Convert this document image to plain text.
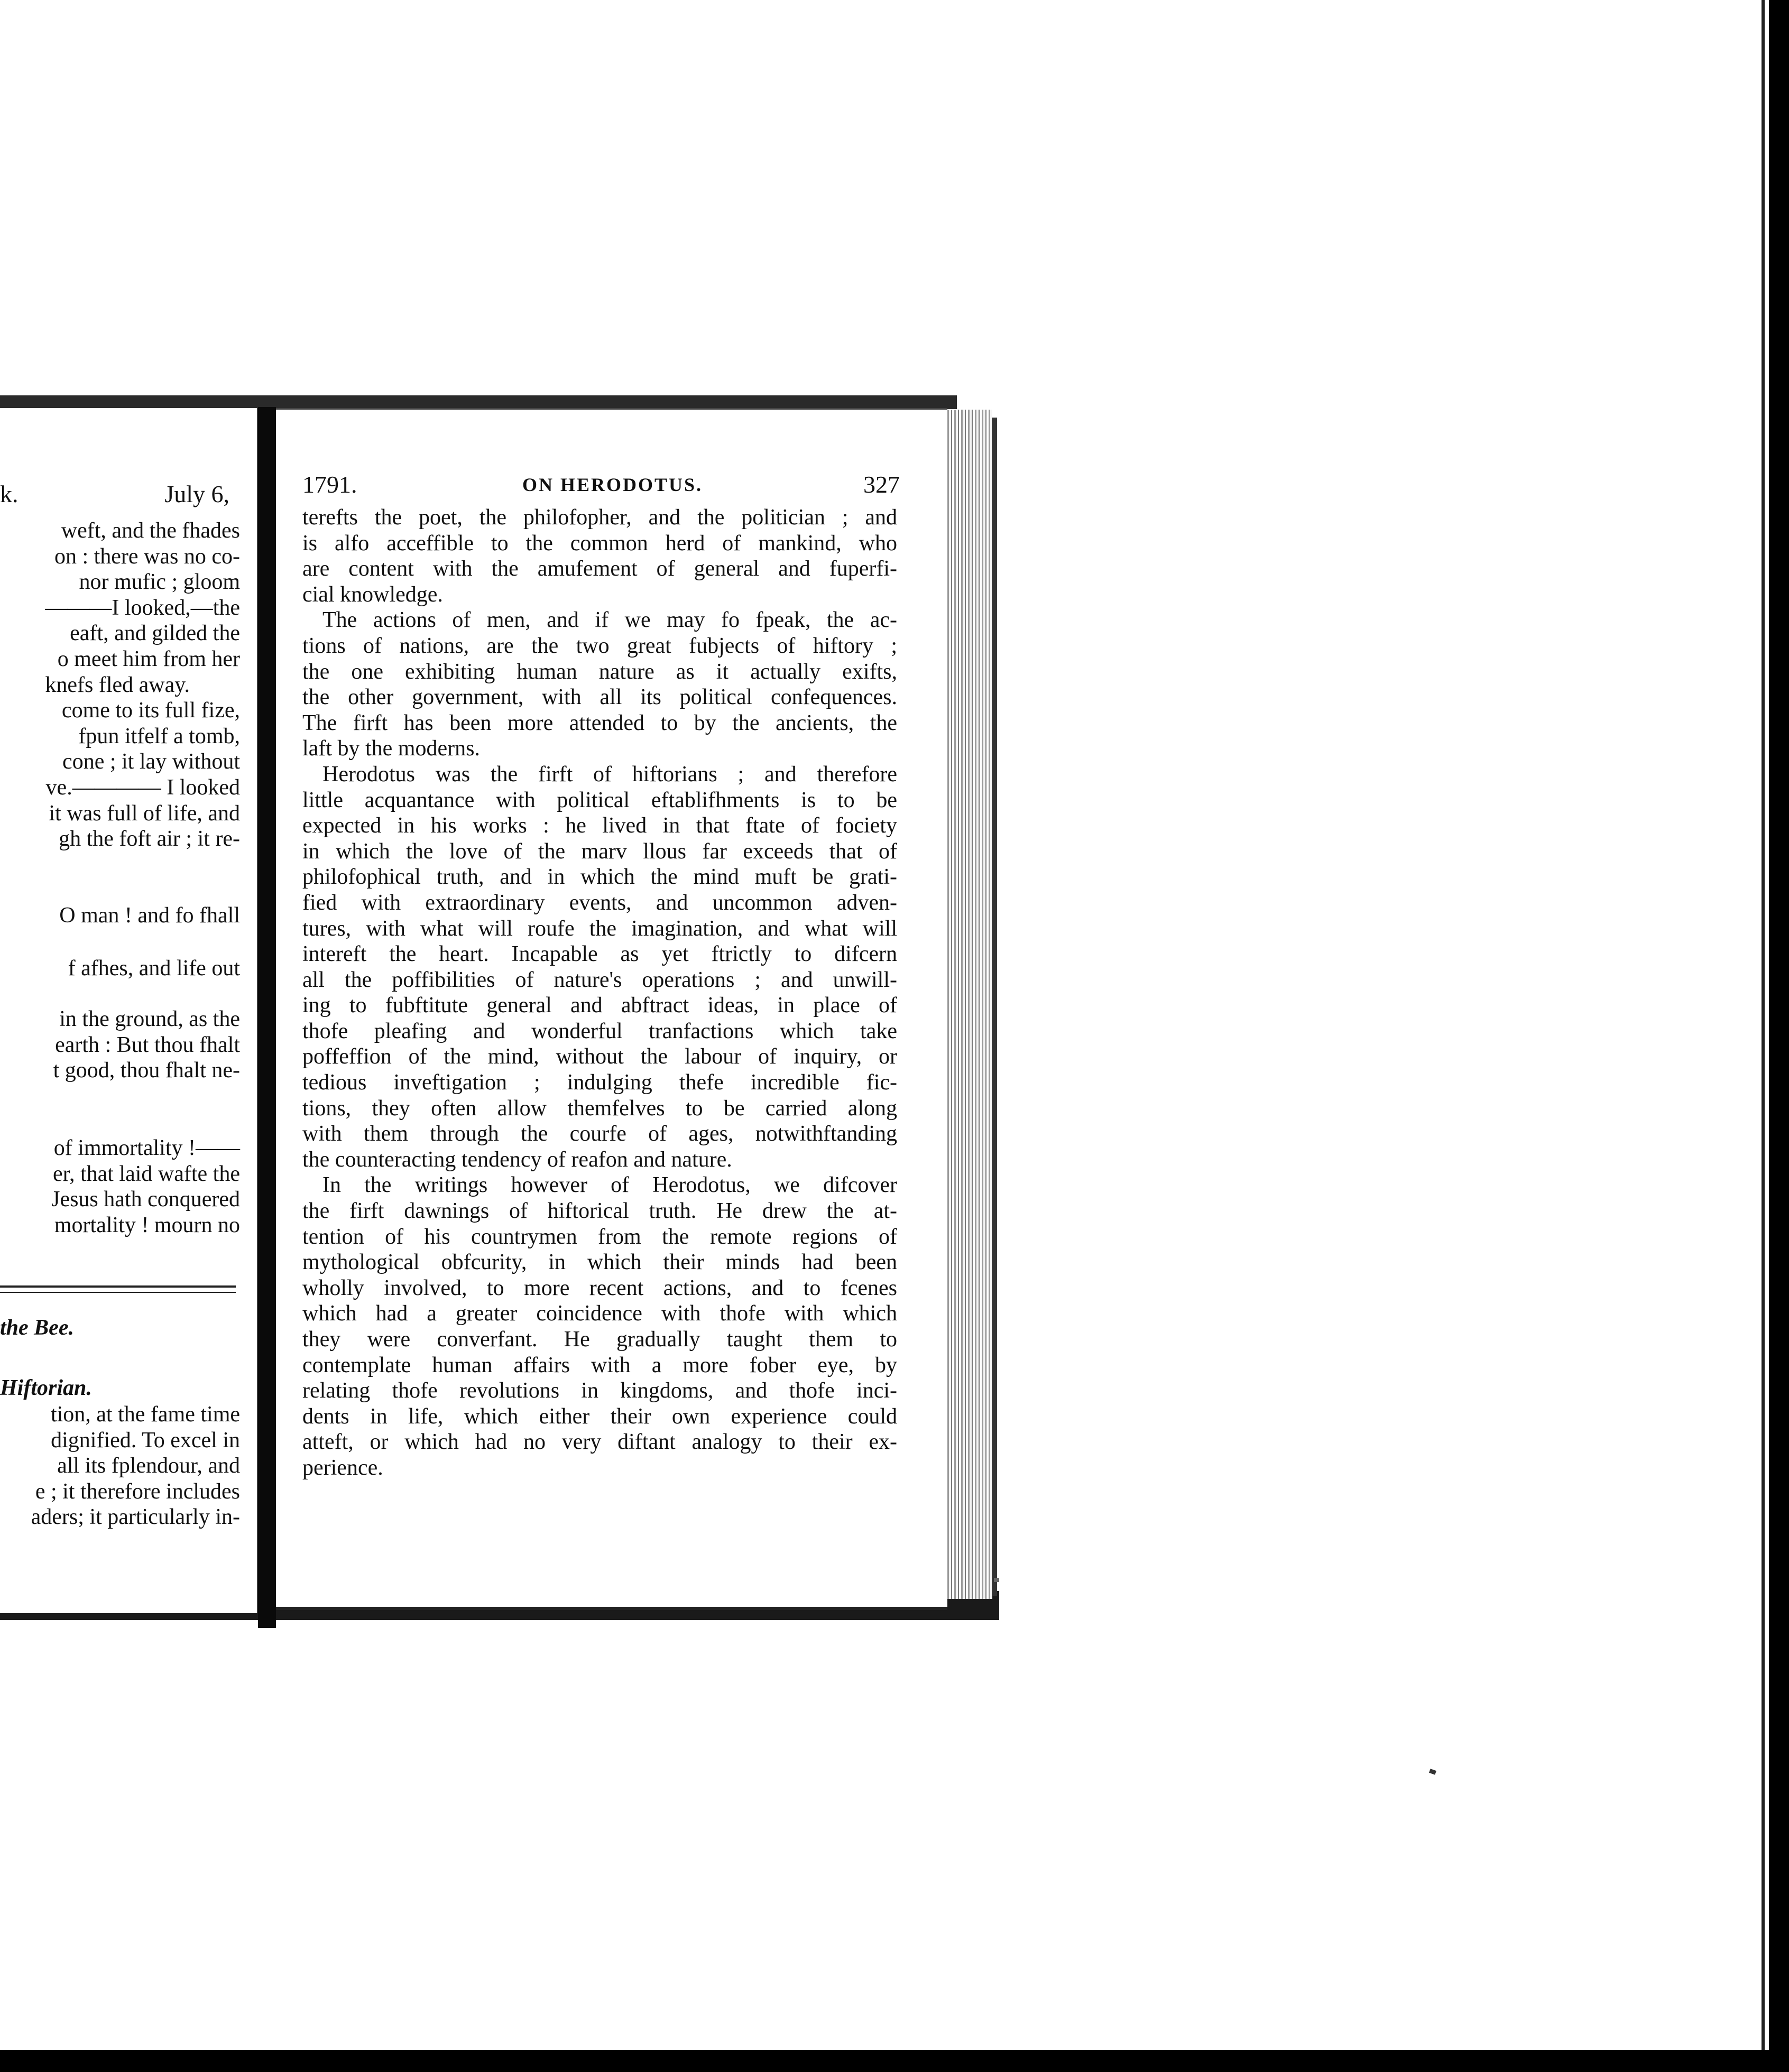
k.	July 6,
weft, and the fhades
on : there was no co-
nor mufic ; gloom
———I looked,—the
eaft, and gilded the
o meet him from her
knefs fled away.
come to its full fize,
fpun itfelf a tomb,
cone ; it lay without
ve.———— I looked
it was full of life, and
gh the foft air ; it re-
O man ! and fo fhall
f afhes, and life out
in the ground, as the
earth : But thou fhalt
t good, thou fhalt ne-
of immortality !——
er, that laid wafte the
Jesus hath conquered
mortality ! mourn no
the Bee.
Hiftorian.
tion, at the fame time
dignified. To excel in
all its fplendour, and
e ; it therefore includes
aders; it particularly in-
1791.	ON HERODOTUS.	327
terefts the poet, the philofopher, and the politician ; and
is alfo acceffible to the common herd of mankind, who
are content with the amufement of general and fuperfi-
cial knowledge.
The actions of men, and if we may fo fpeak, the ac-
tions of nations, are the two great fubjects of hiftory ;
the one exhibiting human nature as it actually exifts,
the other government, with all its political confequences.
The firft has been more attended to by the ancients, the
laft by the moderns.
Herodotus was the firft of hiftorians ; and therefore
little acquantance with political eftablifhments is to be
expected in his works : he lived in that ftate of fociety
in which the love of the marv llous far exceeds that of
philofophical truth, and in which the mind muft be grati-
fied with extraordinary events, and uncommon adven-
tures, with what will roufe the imagination, and what will
intereft the heart. Incapable as yet ftrictly to difcern
all the poffibilities of nature's operations ; and unwill-
ing to fubftitute general and abftract ideas, in place of
thofe pleafing and wonderful tranfactions which take
poffeffion of the mind, without the labour of inquiry, or
tedious inveftigation ; indulging thefe incredible fic-
tions, they often allow themfelves to be carried along
with them through the courfe of ages, notwithftanding
the counteracting tendency of reafon and nature.
In the writings however of Herodotus, we difcover
the firft dawnings of hiftorical truth. He drew the at-
tention of his countrymen from the remote regions of
mythological obfcurity, in which their minds had been
wholly involved, to more recent actions, and to fcenes
which had a greater coincidence with thofe with which
they were converfant. He gradually taught them to
contemplate human affairs with a more fober eye, by
relating thofe revolutions in kingdoms, and thofe inci-
dents in life, which either their own experience could
atteft, or which had no very diftant analogy to their ex-
perience.
